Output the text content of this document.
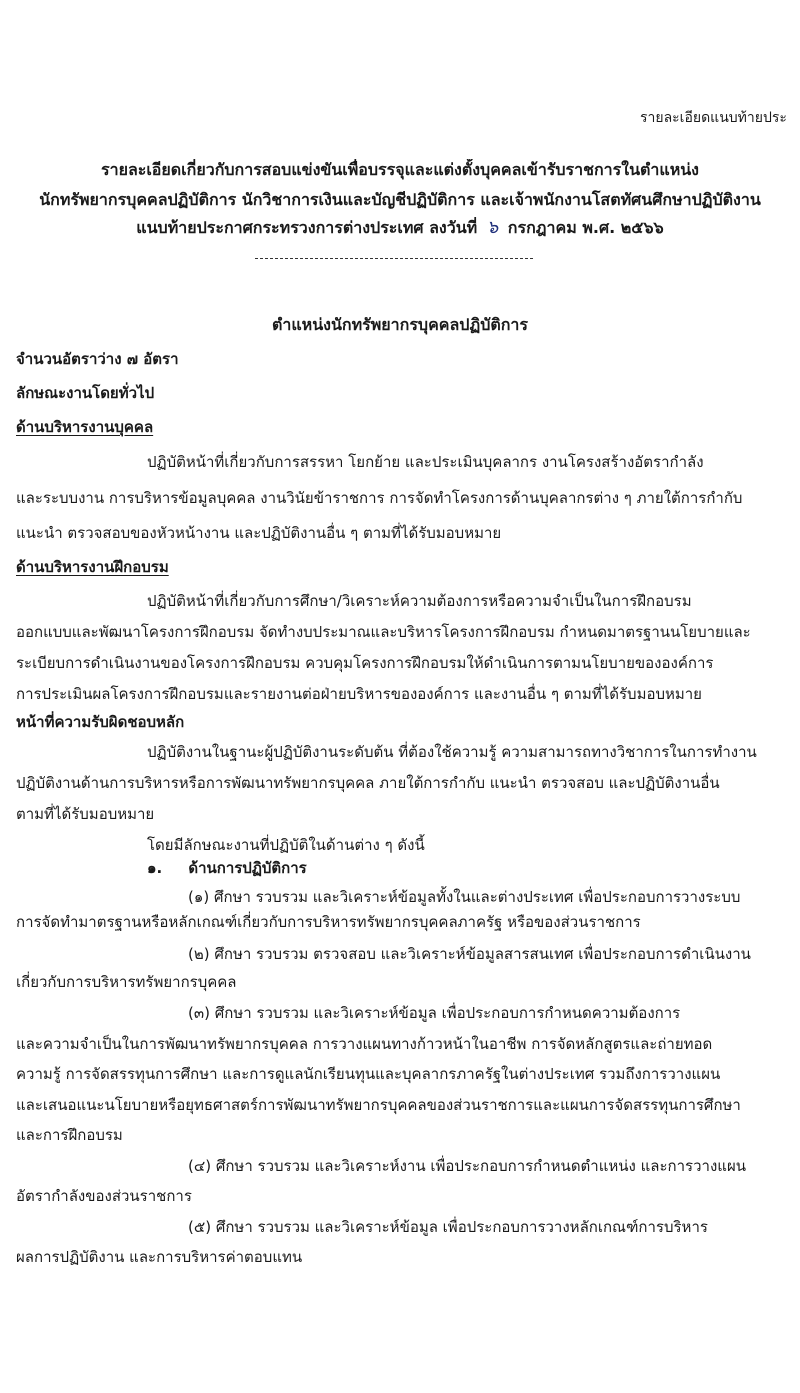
รายละเอียดแนบท้ายประ
รายละเอียดเกี่ยวกับการสอบแข่งขันเพื่อบรรจุและแต่งตั้งบุคคลเข้ารับราชการในตำแหน่ง
นักทรัพยากรบุคคลปฏิบัติการ นักวิชาการเงินและบัญชีปฏิบัติการ และเจ้าพนักงานโสตทัศนศึกษาปฏิบัติงาน
แนบท้ายประกาศกระทรวงการต่างประเทศ ลงวันที่ ๖ กรกฎาคม พ.ศ. ๒๕๖๖
ตำแหน่งนักทรัพยากรบุคคลปฏิบัติการ
จำนวนอัตราว่าง ๗ อัตรา
ลักษณะงานโดยทั่วไป
ด้านบริหารงานบุคคล
ปฏิบัติหน้าที่เกี่ยวกับการสรรหา โยกย้าย และประเมินบุคลากร งานโครงสร้างอัตรากำลัง
และระบบงาน การบริหารข้อมูลบุคคล งานวินัยข้าราชการ การจัดทำโครงการด้านบุคลากรต่าง ๆ ภายใต้การกำกับ
แนะนำ ตรวจสอบของหัวหน้างาน และปฏิบัติงานอื่น ๆ ตามที่ได้รับมอบหมาย
ด้านบริหารงานฝึกอบรม
ปฏิบัติหน้าที่เกี่ยวกับการศึกษา/วิเคราะห์ความต้องการหรือความจำเป็นในการฝึกอบรม
ออกแบบและพัฒนาโครงการฝึกอบรม จัดทำงบประมาณและบริหารโครงการฝึกอบรม กำหนดมาตรฐานนโยบายและ
ระเบียบการดำเนินงานของโครงการฝึกอบรม ควบคุมโครงการฝึกอบรมให้ดำเนินการตามนโยบายขององค์การ
การประเมินผลโครงการฝึกอบรมและรายงานต่อฝ่ายบริหารขององค์การ และงานอื่น ๆ ตามที่ได้รับมอบหมาย
หน้าที่ความรับผิดชอบหลัก
ปฏิบัติงานในฐานะผู้ปฏิบัติงานระดับต้น ที่ต้องใช้ความรู้ ความสามารถทางวิชาการในการทำงาน
ปฏิบัติงานด้านการบริหารหรือการพัฒนาทรัพยากรบุคคล ภายใต้การกำกับ แนะนำ ตรวจสอบ และปฏิบัติงานอื่น
ตามที่ได้รับมอบหมาย
โดยมีลักษณะงานที่ปฏิบัติในด้านต่าง ๆ ดังนี้
๑.     ด้านการปฏิบัติการ
(๑) ศึกษา รวบรวม และวิเคราะห์ข้อมูลทั้งในและต่างประเทศ เพื่อประกอบการวางระบบ
การจัดทำมาตรฐานหรือหลักเกณฑ์เกี่ยวกับการบริหารทรัพยากรบุคคลภาครัฐ หรือของส่วนราชการ
(๒) ศึกษา รวบรวม ตรวจสอบ และวิเคราะห์ข้อมูลสารสนเทศ เพื่อประกอบการดำเนินงาน
เกี่ยวกับการบริหารทรัพยากรบุคคล
(๓) ศึกษา รวบรวม และวิเคราะห์ข้อมูล เพื่อประกอบการกำหนดความต้องการ
และความจำเป็นในการพัฒนาทรัพยากรบุคคล การวางแผนทางก้าวหน้าในอาชีพ การจัดหลักสูตรและถ่ายทอด
ความรู้ การจัดสรรทุนการศึกษา และการดูแลนักเรียนทุนและบุคลากรภาครัฐในต่างประเทศ รวมถึงการวางแผน
และเสนอแนะนโยบายหรือยุทธศาสตร์การพัฒนาทรัพยากรบุคคลของส่วนราชการและแผนการจัดสรรทุนการศึกษา
และการฝึกอบรม
(๔) ศึกษา รวบรวม และวิเคราะห์งาน เพื่อประกอบการกำหนดตำแหน่ง และการวางแผน
อัตรากำลังของส่วนราชการ
(๕) ศึกษา รวบรวม และวิเคราะห์ข้อมูล เพื่อประกอบการวางหลักเกณฑ์การบริหาร
ผลการปฏิบัติงาน และการบริหารค่าตอบแทน
